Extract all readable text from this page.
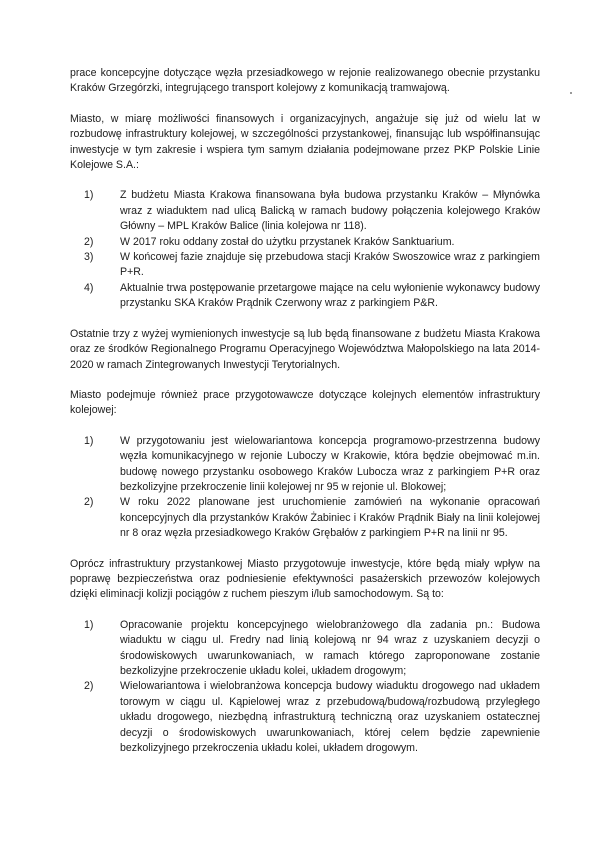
prace koncepcyjne dotyczące węzła przesiadkowego w rejonie realizowanego obecnie przystanku Kraków Grzegórzki, integrującego transport kolejowy z komunikacją tramwajową.

Miasto, w miarę możliwości finansowych i organizacyjnych, angażuje się już od wielu lat w rozbudowę infrastruktury kolejowej, w szczególności przystankowej, finansując lub współfinansując inwestycje w tym zakresie i wspiera tym samym działania podejmowane przez PKP Polskie Linie Kolejowe S.A.:

1)	Z budżetu Miasta Krakowa finansowana była budowa przystanku Kraków – Młynówka wraz z wiaduktem nad ulicą Balicką w ramach budowy połączenia kolejowego Kraków Główny – MPL Kraków Balice (linia kolejowa nr 118).
2)	W 2017 roku oddany został do użytku przystanek Kraków Sanktuarium.
3)	W końcowej fazie znajduje się przebudowa stacji Kraków Swoszowice wraz z parkingiem P+R.
4)	Aktualnie trwa postępowanie przetargowe mające na celu wyłonienie wykonawcy budowy przystanku SKA Kraków Prądnik Czerwony wraz z parkingiem P&R.

Ostatnie trzy z wyżej wymienionych inwestycje są lub będą finansowane z budżetu Miasta Krakowa oraz ze środków Regionalnego Programu Operacyjnego Województwa Małopolskiego na lata 2014-2020 w ramach Zintegrowanych Inwestycji Terytorialnych.

Miasto podejmuje również prace przygotowawcze dotyczące kolejnych elementów infrastruktury kolejowej:

1)	W przygotowaniu jest wielowariantowa koncepcja programowo-przestrzenna budowy węzła komunikacyjnego w rejonie Luboczy w Krakowie, która będzie obejmować m.in. budowę nowego przystanku osobowego Kraków Lubocza wraz z parkingiem P+R oraz bezkolizyjne przekroczenie linii kolejowej nr 95 w rejonie ul. Blokowej;
2)	W roku 2022 planowane jest uruchomienie zamówień na wykonanie opracowań koncepcyjnych dla przystanków Kraków Żabiniec i Kraków Prądnik Biały na linii kolejowej nr 8 oraz węzła przesiadkowego Kraków Grębałów z parkingiem P+R na linii nr 95.

Oprócz infrastruktury przystankowej Miasto przygotowuje inwestycje, które będą miały wpływ na poprawę bezpieczeństwa oraz podniesienie efektywności pasażerskich przewozów kolejowych dzięki eliminacji kolizji pociągów z ruchem pieszym i/lub samochodowym. Są to:

1)	Opracowanie projektu koncepcyjnego wielobranżowego dla zadania pn.: Budowa wiaduktu w ciągu ul. Fredry nad linią kolejową nr 94 wraz z uzyskaniem decyzji o środowiskowych uwarunkowaniach, w ramach którego zaproponowane zostanie bezkolizyjne przekroczenie układu kolei, układem drogowym;
2)	Wielowariantowa i wielobranżowa koncepcja budowy wiaduktu drogowego nad układem torowym w ciągu ul. Kąpielowej wraz z przebudową/budową/rozbudową przyległego układu drogowego, niezbędną infrastrukturą techniczną oraz uzyskaniem ostatecznej decyzji o środowiskowych uwarunkowaniach, której celem będzie zapewnienie bezkolizyjnego przekroczenia układu kolei, układem drogowym.
